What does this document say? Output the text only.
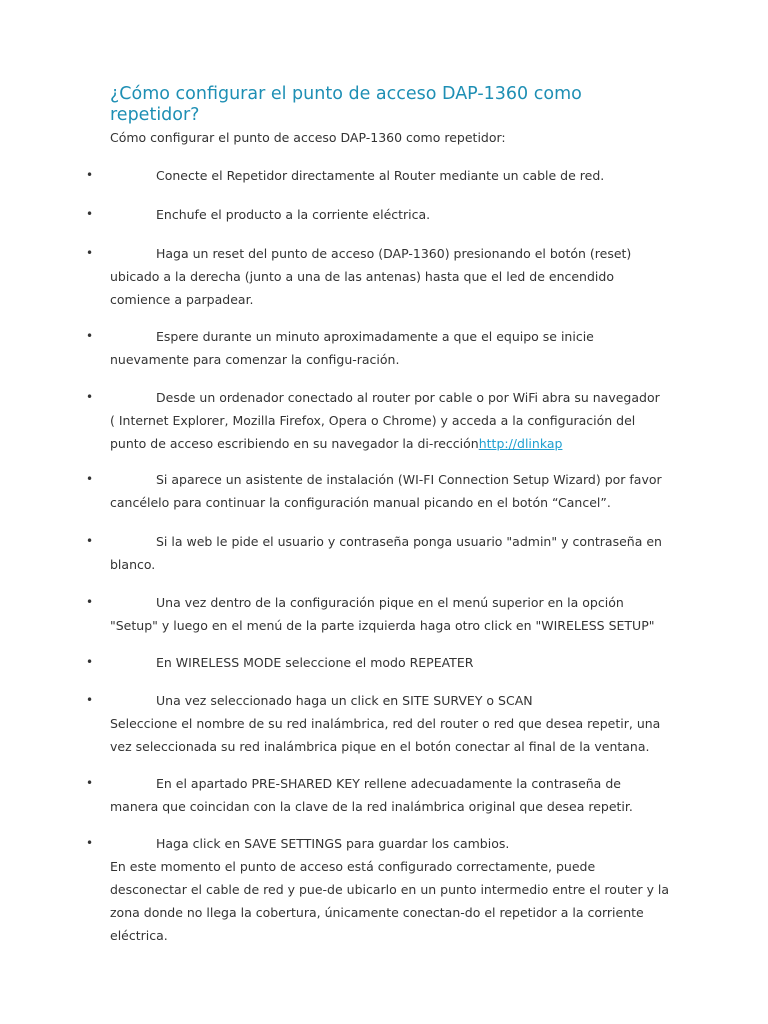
¿Cómo configurar el punto de acceso DAP-1360 como repetidor?

Cómo configurar el punto de acceso DAP-1360 como repetidor:

•	Conecte el Repetidor directamente al Router mediante un cable de red.

•	Enchufe el producto a la corriente eléctrica.

•	Haga un reset del punto de acceso (DAP-1360) presionando el botón (reset) ubicado a la derecha (junto a una de las antenas) hasta que el led de encendido comience a parpadear.

•	Espere durante un minuto aproximadamente a que el equipo se inicie nuevamente para comenzar la configu-ración.

•	Desde un ordenador conectado al router por cable o por WiFi abra su navegador ( Internet Explorer, Mozilla Firefox, Opera o Chrome) y acceda a la configuración del punto de acceso escribiendo en su navegador la di-recciónhttp://dlinkap

•	Si aparece un asistente de instalación (WI-FI Connection Setup Wizard) por favor cancélelo para continuar la configuración manual picando en el botón “Cancel”.

•	Si la web le pide el usuario y contraseña ponga usuario "admin" y contraseña en blanco.

•	Una vez dentro de la configuración pique en el menú superior en la opción "Setup" y luego en el menú de la parte izquierda haga otro click en "WIRELESS SETUP"

•	En WIRELESS MODE seleccione el modo REPEATER

•	Una vez seleccionado haga un click en SITE SURVEY o SCAN

Seleccione el nombre de su red inalámbrica, red del router o red que desea repetir, una vez seleccionada su red inalámbrica pique en el botón conectar al final de la ventana.

•	En el apartado PRE-SHARED KEY rellene adecuadamente la contraseña de manera que coincidan con la clave de la red inalámbrica original que desea repetir.

•	Haga click en SAVE SETTINGS para guardar los cambios.

En este momento el punto de acceso está configurado correctamente, puede desconectar el cable de red y pue-de ubicarlo en un punto intermedio entre el router y la zona donde no llega la cobertura, únicamente conectan-do el repetidor a la corriente eléctrica.
